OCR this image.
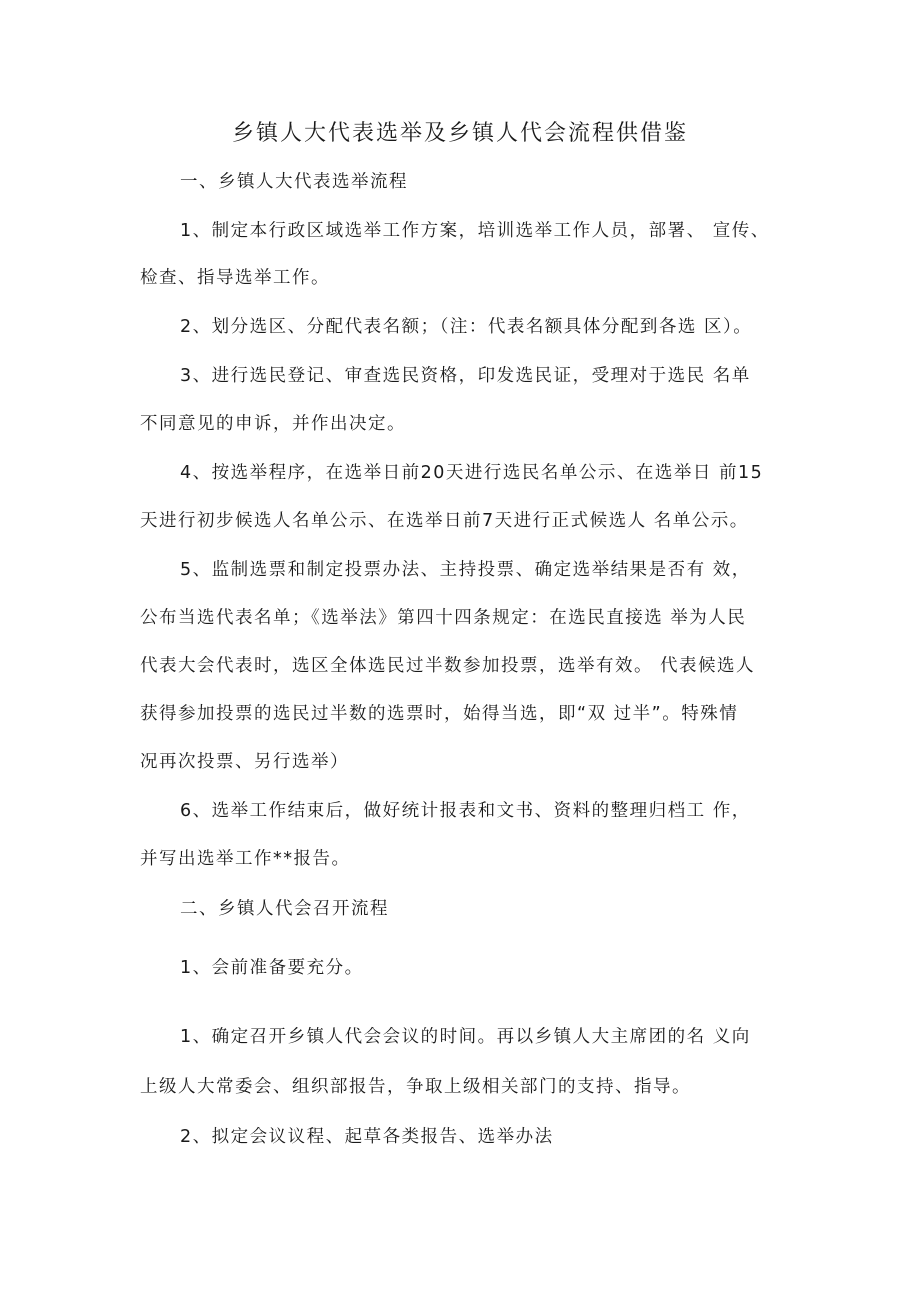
乡镇人大代表选举及乡镇人代会流程供借鉴
一、乡镇人大代表选举流程
1、制定本行政区域选举工作方案，培训选举工作人员，部署、 宣传、
检查、指导选举工作。
2、划分选区、分配代表名额；（注：代表名额具体分配到各选 区）。
3、进行选民登记、审查选民资格，印发选民证，受理对于选民 名单
不同意见的申诉，并作出决定。
4、按选举程序，在选举日前20天进行选民名单公示、在选举日 前15
天进行初步候选人名单公示、在选举日前7天进行正式候选人 名单公示。
5、监制选票和制定投票办法、主持投票、确定选举结果是否有 效，
公布当选代表名单；《选举法》第四十四条规定：在选民直接选 举为人民
代表大会代表时，选区全体选民过半数参加投票，选举有效。 代表候选人
获得参加投票的选民过半数的选票时，始得当选，即“双 过半”。特殊情
况再次投票、另行选举）
6、选举工作结束后，做好统计报表和文书、资料的整理归档工 作，
并写出选举工作**报告。
二、乡镇人代会召开流程
1、会前准备要充分。
1、确定召开乡镇人代会会议的时间。再以乡镇人大主席团的名 义向
上级人大常委会、组织部报告，争取上级相关部门的支持、指导。
2、拟定会议议程、起草各类报告、选举办法
